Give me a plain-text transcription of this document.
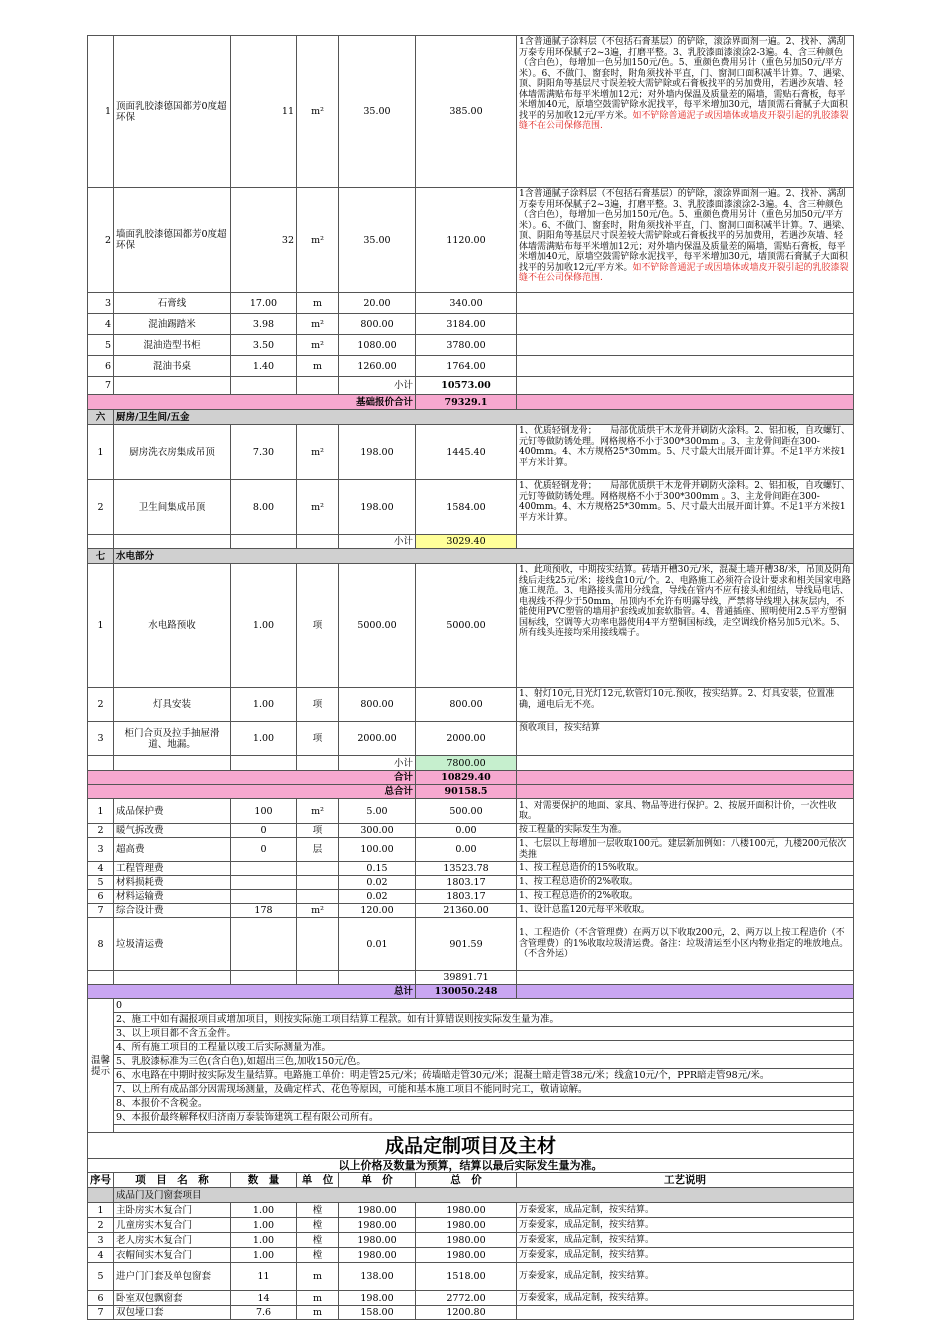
1	顶面乳胶漆德国都芳0度超环保	11	m²	35.00	385.00	1含普通腻子涂料层（不包括石膏基层）的铲除，滚涂界面剂一遍。2、找补、满刮万泰专用环保腻子2~3遍，打磨平整。3、乳胶漆面漆滚涂2-3遍。4、含三种颜色（含白色），每增加一色另加150元/色。5、重颜色费用另计（重色另加50元/平方米）。6、不做门、窗套时，附角须找补平直，门、窗洞口面积减半计算。7、遇梁、顶、阴阳角等基层尺寸误差较大需铲除或石膏板找平的另加费用，若遇沙灰墙、轻体墙需满贴布每平米增加12元；对外墙内保温及质量差的隔墙，需贴石膏板，每平米增加40元，原墙空鼓需铲除水泥找平，每平米增加30元，墙顶需石膏腻子大面积找平的另加收12元/平方米。如不铲除普通泥子或因墙体或墙皮开裂引起的乳胶漆裂缝不在公司保修范围.
2	墙面乳胶漆德国都芳0度超环保	32	m²	35.00	1120.00	1含普通腻子涂料层（不包括石膏基层）的铲除，滚涂界面剂一遍。2、找补、满刮万泰专用环保腻子2~3遍，打磨平整。3、乳胶漆面漆滚涂2-3遍。4、含三种颜色（含白色），每增加一色另加150元/色。5、重颜色费用另计（重色另加50元/平方米）。6、不做门、窗套时，附角须找补平直，门、窗洞口面积减半计算。7、遇梁、顶、阴阳角等基层尺寸误差较大需铲除或石膏板找平的另加费用，若遇沙灰墙、轻体墙需满贴布每平米增加12元；对外墙内保温及质量差的隔墙，需贴石膏板，每平米增加40元，原墙空鼓需铲除水泥找平，每平米增加30元，墙顶需石膏腻子大面积找平的另加收12元/平方米。如不铲除普通泥子或因墙体或墙皮开裂引起的乳胶漆裂缝不在公司保修范围.
3	石膏线	17.00	m	20.00	340.00	
4	混油踢踏米	3.98	m²	800.00	3184.00	
5	混油造型书柜	3.50	m²	1080.00	3780.00	
6	混油书桌	1.40	m	1260.00	1764.00	
7				小计	10573.00	
基础报价合计					79329.1	
六	厨房/卫生间/五金					
1	厨房洗衣房集成吊顶	7.30	m²	198.00	1445.40	1、优质轻钢龙骨；　　局部优质烘干木龙骨并刷防火涂料。2、铝扣板，自攻螺钉、元钉等做防锈处理。网格规格不小于300*300mm 。3、主龙骨间距在300-400mm。4、木方规格25*30mm。5、尺寸最大出展开面计算。不足1平方米按1平方米计算。
2	卫生间集成吊顶	8.00	m²	198.00	1584.00	1、优质轻钢龙骨；　　局部优质烘干木龙骨并刷防火涂料。2、铝扣板，自攻螺钉、元钉等做防锈处理。网格规格不小于300*300mm 。3、主龙骨间距在300-400mm。4、木方规格25*30mm。5、尺寸最大出展开面计算。不足1平方米按1平方米计算。
				小计	3029.40	
七	水电部分					
1	水电路预收	1.00	项	5000.00	5000.00	1、此项预收，中期按实结算。砖墙开槽30元/米，混凝土墙开槽38/米，吊顶及阴角线后走线25元/米；接线盒10元/个。2、电路施工必须符合设计要求和相关国家电路施工规范。3、电路接头需用分线盒，导线在管内不应有接头和纽结，导线局电话、电视线不得少于50mm，吊顶内不允许有明露导线，严禁将导线埋入抹灰层内，不能使用PVC塑管的墙用护套线或加套软脂管。4、普通插座、照明使用2.5平方塑铜国标线，空调等大功率电器使用4平方塑铜国标线，走空调线价格另加5元\米。5、所有线头连接均采用接线端子。
2	灯具安装	1.00	项	800.00	800.00	1、射灯10元,日光灯12元,软管灯10元.预收，按实结算。2、灯具安装，位置准确，通电后无不亮。
3	柜门合页及拉手抽屉滑道、地漏。	1.00	项	2000.00	2000.00	预收项目，按实结算
				小计	7800.00	
合计					10829.40	
总合计					90158.5	
1	成品保护费	100	m²	5.00	500.00	1、对需要保护的地面、家具、物品等进行保护。2、按展开面积计价，一次性收取。
2	暖气拆改费	0	项	300.00	0.00	按工程量的实际发生为准。
3	超高费	0	层	100.00	0.00	1、七层以上每增加一层收取100元。建层新加例如：八楼100元，九楼200元依次类推
4	工程管理费			0.15	13523.78	1、按工程总造价的15%收取。
5	材料损耗费			0.02	1803.17	1、按工程总造价的2%收取。
6	材料运输费			0.02	1803.17	1、按工程总造价的2%收取。
7	综合设计费	178	m²	120.00	21360.00	1、设计总监120元每平米收取。
8	垃圾清运费			0.01	901.59	1、工程造价（不含管理费）在两万以下收取200元，2、两万以上按工程造价（不含管理费）的1%收取垃圾清运费。备注：垃圾清运至小区内物业指定的堆放地点。（不含外运）
					39891.71	
总计					130050.248	
温馨提示	0					
	2、施工中如有漏报项目或增加项目，则按实际施工项目结算工程款。如有计算错误则按实际发生量为准。					
	3、以上项目都不含五金件。					
	4、所有施工项目的工程量以竣工后实际测量为准。					
	5、乳胶漆标准为三色(含白色),如超出三色,加收150元/色。					
	6、水电路在中期时按实际发生量结算。电路施工单价：明走管25元/米；砖墙暗走管30元/米；混凝土暗走管38元/米；线盒10元/个，PPR暗走管98元/米。					
	7、以上所有成品部分因需现场测量，及确定样式、花色等原因，可能和基本施工项目不能同时完工，敬请谅解。					
	8、本报价不含税金。					
	9、本报价最终解释权归济南万泰装饰建筑工程有限公司所有。					

成品定制项目及主材						
以上价格及数量为预算，结算以最后实际发生量为准。						
序号	项　目　名　称	数　量	单　位	单　价	总　价	工艺说明
	成品门及门窗套项目					
1	主卧房实木复合门	1.00	樘	1980.00	1980.00	万泰爱家，成品定制，按实结算。
2	儿童房实木复合门	1.00	樘	1980.00	1980.00	万泰爱家，成品定制，按实结算。
3	老人房实木复合门	1.00	樘	1980.00	1980.00	万泰爱家，成品定制，按实结算。
4	衣帽间实木复合门	1.00	樘	1980.00	1980.00	万泰爱家，成品定制，按实结算。
5	进户门门套及单包窗套	11	m	138.00	1518.00	万泰爱家，成品定制，按实结算。
6	卧室双包飘窗套	14	m	198.00	2772.00	万泰爱家，成品定制，按实结算。
7	双包垭口套	7.6	m	158.00	1200.80	
